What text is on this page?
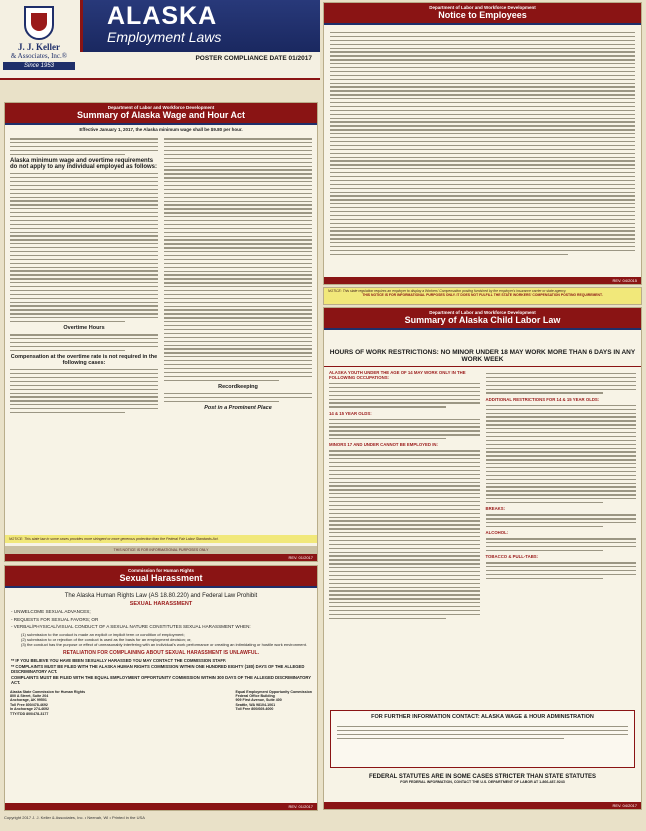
J. J. Keller
& Associates, Inc.®
Since 1953
ALASKA
Employment Laws
POSTER COMPLIANCE DATE 01/2017
Department of Labor and Workforce Development
Summary of Alaska Wage and Hour Act
Effective January 1, 2017, the Alaska minimum wage shall be $9.80 per hour.
Alaska minimum wage and overtime requirements do not apply to any individual employed as follows:
Overtime Hours
Compensation at the overtime rate is not required in the following cases:
Recordkeeping
Post in a Prominent Place
NOTICE: This state law in some cases provides more stringent or more generous protection than the Federal Fair Labor Standards Act.
THIS NOTICE IS FOR INFORMATIONAL PURPOSES ONLY
REV. 01/2017
Commission for Human Rights
Sexual Harassment
The Alaska Human Rights Law (AS 18.80.220) and Federal Law Prohibit
SEXUAL HARASSMENT
- UNWELCOME SEXUAL ADVANCES;
- REQUESTS FOR SEXUAL FAVORS; OR
- VERBAL/PHYSICAL/VISUAL CONDUCT OF A SEXUAL NATURE CONSTITUTES SEXUAL HARASSMENT WHEN:
(1) submission to the conduct is made an explicit or implicit term or condition of employment;
(2) submission to or rejection of the conduct is used as the basis for an employment decision; or,
(3) the conduct has the purpose or effect of unreasonably interfering with an individual's work performance or creating an intimidating or hostile work environment.
RETALIATION FOR COMPLAINING ABOUT SEXUAL HARASSMENT IS UNLAWFUL.
** IF YOU BELIEVE YOU HAVE BEEN SEXUALLY HARASSED YOU MAY CONTACT THE COMMISSION STAFF.
** COMPLAINTS MUST BE FILED WITH THE ALASKA HUMAN RIGHTS COMMISSION WITHIN ONE HUNDRED EIGHTY (180) DAYS OF THE ALLEGED DISCRIMINATORY ACT.
COMPLAINTS MUST BE FILED WITH THE EQUAL EMPLOYMENT OPPORTUNITY COMMISSION WITHIN 300 DAYS OF THE ALLEGED DISCRIMINATORY ACT.
Alaska State Commission for Human Rights
800 A Street, Suite 204
Anchorage, AK 99501
Toll Free 800/478-4692
In Anchorage 274-4692
TTY/TDD 800/478-3177
Equal Employment Opportunity Commission
Federal Office Building
909 First Avenue, Suite 400
Seattle, WA 98104-1061
Toll Free 800/669-4000
REV. 01/2017
Department of Labor and Workforce Development
Notice to Employees
REV. 04/2015
NOTICE: This state regulation requires an employer to display a Workers' Compensation posting furnished by the employer's insurance carrier or state agency.
THIS NOTICE IS FOR INFORMATIONAL PURPOSES ONLY. IT DOES NOT FULFILL THE STATE WORKERS' COMPENSATION POSTING REQUIREMENT.
Department of Labor and Workforce Development
Summary of Alaska Child Labor Law
HOURS OF WORK RESTRICTIONS: NO MINOR UNDER 18 MAY WORK MORE THAN 6 DAYS IN ANY WORK WEEK
ALASKA YOUTH UNDER THE AGE OF 14 MAY WORK ONLY IN THE FOLLOWING OCCUPATIONS:
14 & 15 YEAR OLDS:
MINORS 17 AND UNDER CANNOT BE EMPLOYED IN:
ADDITIONAL RESTRICTIONS FOR 14 & 15 YEAR OLDS:
BREAKS:
ALCOHOL:
TOBACCO & PULL-TABS:
FOR FURTHER INFORMATION CONTACT: ALASKA WAGE & HOUR ADMINISTRATION
FEDERAL STATUTES ARE IN SOME CASES STRICTER THAN STATE STATUTES
FOR FEDERAL INFORMATION, CONTACT THE U.S. DEPARTMENT OF LABOR AT 1-866-487-9243
REV. 04/2017
Copyright 2017 J. J. Keller & Associates, Inc. • Neenah, WI • Printed in the USA
